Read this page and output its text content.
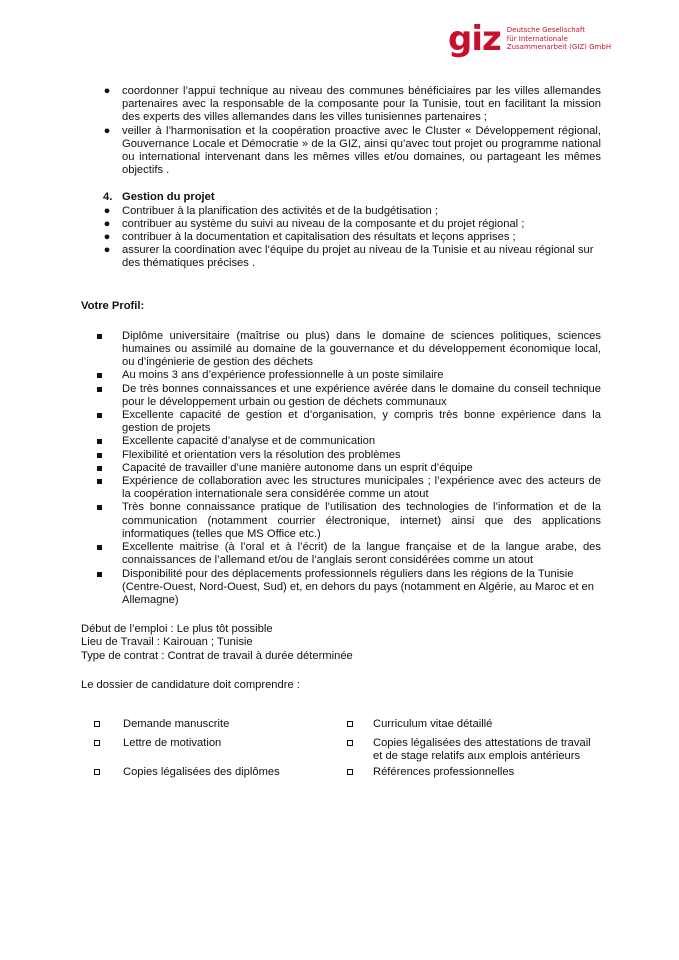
giz Deutsche Gesellschaft
für Internationale
Zusammenarbeit (GIZ) GmbH
● coordonner l’appui technique au niveau des communes bénéficiaires par les villes allemandes partenaires avec la responsable de la composante pour la Tunisie, tout en facilitant la mission des experts des villes allemandes dans les villes tunisiennes partenaires ;
● veiller à l’harmonisation et la coopération proactive avec le Cluster « Développement régional, Gouvernance Locale et Démocratie » de la GIZ, ainsi qu’avec tout projet ou programme national ou international intervenant dans les mêmes villes et/ou domaines, ou partageant les mêmes objectifs .
4. Gestion du projet
● Contribuer à la planification des activités et de la budgétisation ;
● contribuer au système du suivi au niveau de la composante et du projet régional ;
● contribuer à la documentation et capitalisation des résultats et leçons apprises ;
● assurer la coordination avec l’équipe du projet au niveau de la Tunisie et au niveau régional sur des thématiques précises .
Votre Profil:
Diplôme universitaire (maîtrise ou plus) dans le domaine de sciences politiques, sciences humaines ou assimilé au domaine de la gouvernance et du développement économique local, ou d’ingénierie de gestion des déchets
Au moins 3 ans d’expérience professionnelle à un poste similaire
De très bonnes connaissances et une expérience avérée dans le domaine du conseil technique pour le développement urbain ou gestion de déchets communaux
Excellente capacité de gestion et d’organisation, y compris très bonne expérience dans la gestion de projets
Excellente capacité d’analyse et de communication
Flexibilité et orientation vers la résolution des problèmes
Capacité de travailler d’une manière autonome dans un esprit d’équipe
Expérience de collaboration avec les structures municipales ; l’expérience avec des acteurs de la coopération internationale sera considérée comme un atout
Très bonne connaissance pratique de l’utilisation des technologies de l’information et de la communication (notamment courrier électronique, internet) ainsi que des applications informatiques (telles que MS Office etc.)
Excellente maitrise (à l’oral et à l’écrit) de la langue française et de la langue arabe, des connaissances de l’allemand et/ou de l’anglais seront considérées comme un atout
Disponibilité pour des déplacements professionnels réguliers dans les régions de la Tunisie (Centre-Ouest, Nord-Ouest, Sud) et, en dehors du pays (notamment en Algérie, au Maroc et en Allemagne)
Début de l’emploi : Le plus tôt possible
Lieu de Travail : Kairouan ; Tunisie
Type de contrat : Contrat de travail à durée déterminée
Le dossier de candidature doit comprendre :
Demande manuscrite	Curriculum vitae détaillé
Lettre de motivation	Copies légalisées des attestations de travail et de stage relatifs aux emplois antérieurs
Copies légalisées des diplômes	Références professionnelles
